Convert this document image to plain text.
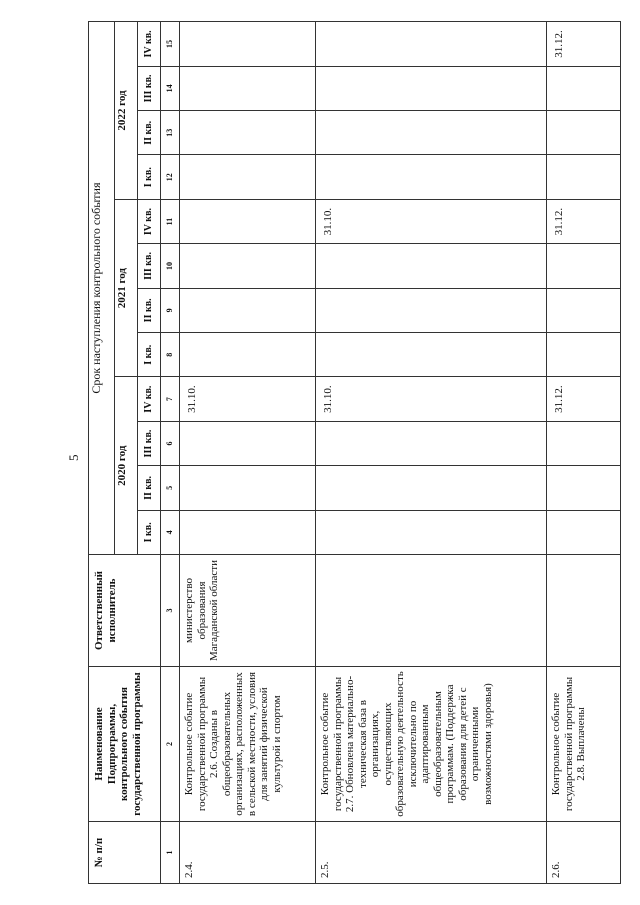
5
№ п/п	Наименование Подпрограммы, контрольного события государственной программы	Ответственный исполнитель	Срок наступления контрольного события											
			2020 год				2021 год				2022 год			
			I кв.	II кв.	III кв.	IV кв.	I кв.	II кв.	III кв.	IV кв.	I кв.	II кв.	III кв.	IV кв.
1	2	3	4	5	6	7	8	9	10	11	12	13	14	15
2.4.	Контрольное событие государственной программы 2.6. Созданы в общеобразовательных организациях, расположенных в сельской местности, условия для занятий физической культурой и спортом	министерство образования Магаданской области				31.10.								
2.5.	Контрольное событие государственной программы 2.7. Обновлена материально-техническая база в организациях, осуществляющих образовательную деятельность исключительно по адаптированным общеобразовательным программам. (Поддержка образования для детей с ограниченными возможностями здоровья)					31.10.				31.10.				
2.6.	Контрольное событие государственной программы 2.8. Выплачены					31.12.				31.12.				31.12.
